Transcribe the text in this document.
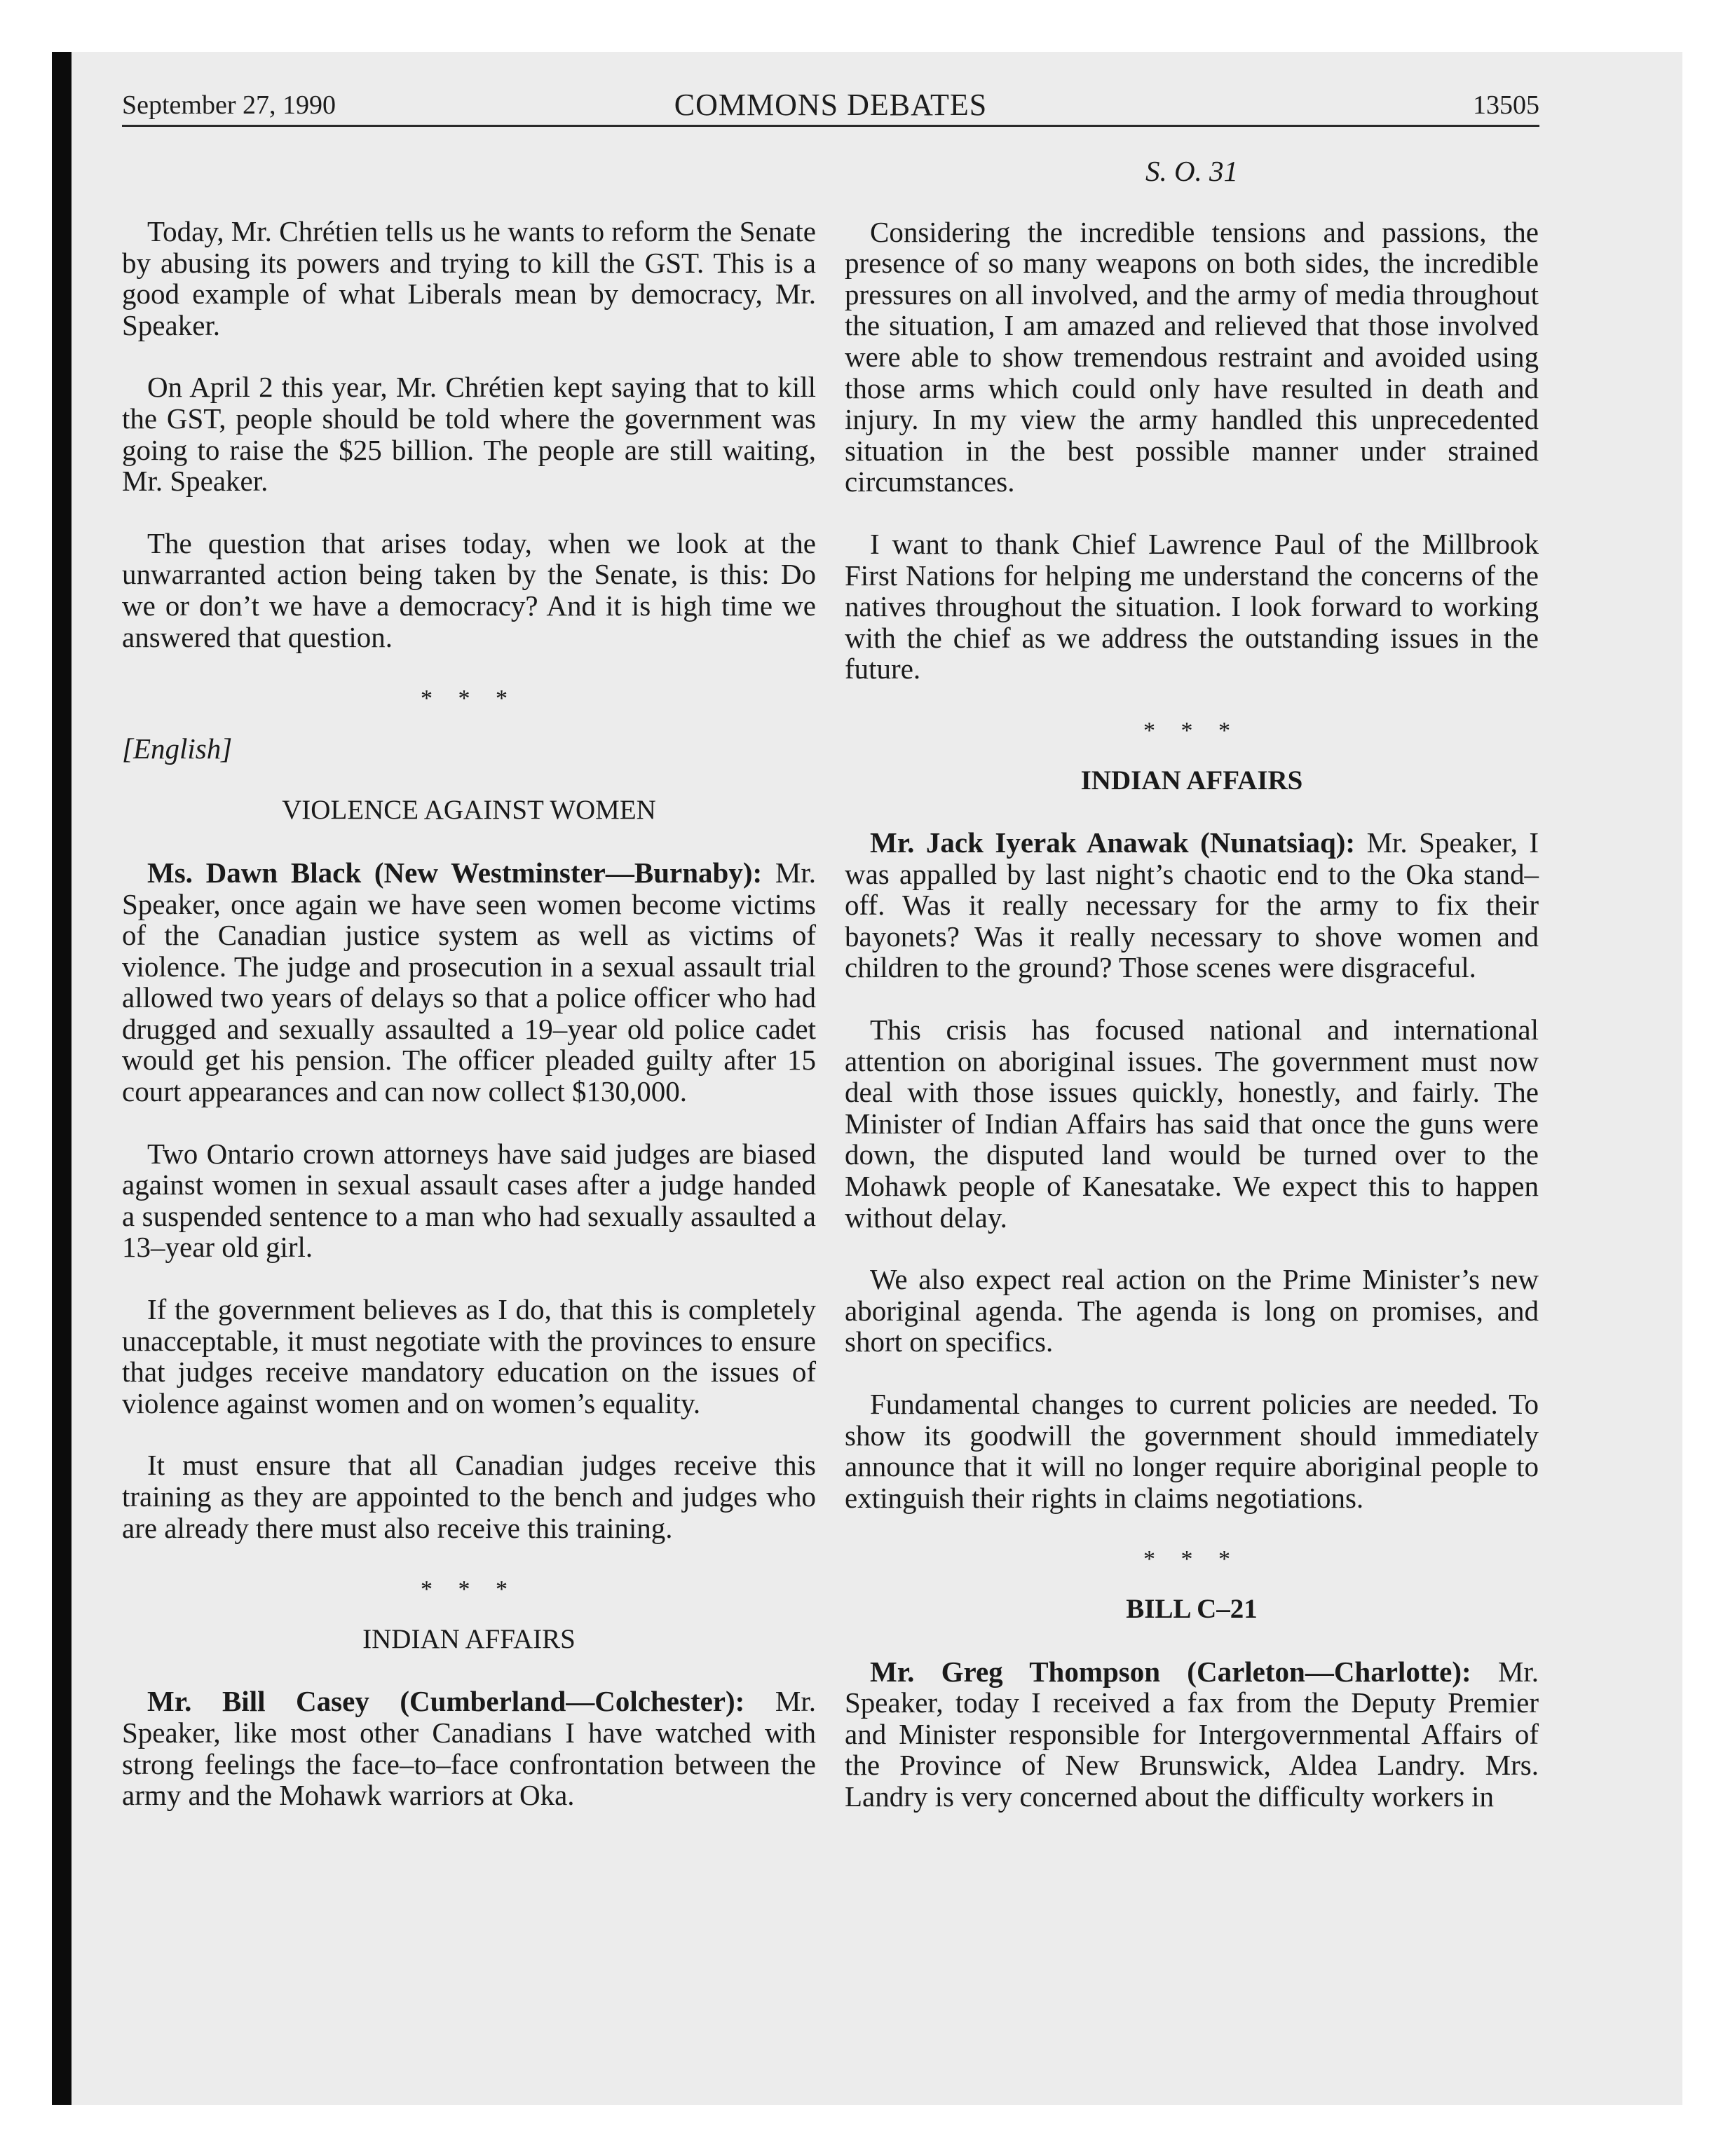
September 27, 1990	COMMONS DEBATES	13505

Today, Mr. Chrétien tells us he wants to reform the Senate by abusing its powers and trying to kill the GST. This is a good example of what Liberals mean by democracy, Mr. Speaker.

On April 2 this year, Mr. Chrétien kept saying that to kill the GST, people should be told where the government was going to raise the $25 billion. The people are still waiting, Mr. Speaker.

The question that arises today, when we look at the unwarranted action being taken by the Senate, is this: Do we or don’t we have a democracy? And it is high time we answered that question.

* * *
[English]
VIOLENCE AGAINST WOMEN

Ms. Dawn Black (New Westminster—Burnaby): Mr. Speaker, once again we have seen women become victims of the Canadian justice system as well as victims of violence. The judge and prosecution in a sexual assault trial allowed two years of delays so that a police officer who had drugged and sexually assaulted a 19–year old police cadet would get his pension. The officer pleaded guilty after 15 court appearances and can now collect $130,000.

Two Ontario crown attorneys have said judges are biased against women in sexual assault cases after a judge handed a suspended sentence to a man who had sexually assaulted a 13–year old girl.

If the government believes as I do, that this is completely unacceptable, it must negotiate with the provinces to ensure that judges receive mandatory education on the issues of violence against women and on women’s equality.

It must ensure that all Canadian judges receive this training as they are appointed to the bench and judges who are already there must also receive this training.

* * *
INDIAN AFFAIRS

Mr. Bill Casey (Cumberland—Colchester): Mr. Speaker, like most other Canadians I have watched with strong feelings the face–to–face confrontation between the army and the Mohawk warriors at Oka.

S. O. 31

Considering the incredible tensions and passions, the presence of so many weapons on both sides, the incredible pressures on all involved, and the army of media throughout the situation, I am amazed and relieved that those involved were able to show tremendous restraint and avoided using those arms which could only have resulted in death and injury. In my view the army handled this unprecedented situation in the best possible manner under strained circumstances.

I want to thank Chief Lawrence Paul of the Millbrook First Nations for helping me understand the concerns of the natives throughout the situation. I look forward to working with the chief as we address the outstanding issues in the future.

* * *
INDIAN AFFAIRS

Mr. Jack Iyerak Anawak (Nunatsiaq): Mr. Speaker, I was appalled by last night’s chaotic end to the Oka stand–off. Was it really necessary for the army to fix their bayonets? Was it really necessary to shove women and children to the ground? Those scenes were disgraceful.

This crisis has focused national and international attention on aboriginal issues. The government must now deal with those issues quickly, honestly, and fairly. The Minister of Indian Affairs has said that once the guns were down, the disputed land would be turned over to the Mohawk people of Kanesatake. We expect this to happen without delay.

We also expect real action on the Prime Minister’s new aboriginal agenda. The agenda is long on promises, and short on specifics.

Fundamental changes to current policies are needed. To show its goodwill the government should immediately announce that it will no longer require aboriginal people to extinguish their rights in claims negotiations.

* * *
BILL C–21

Mr. Greg Thompson (Carleton—Charlotte): Mr. Speaker, today I received a fax from the Deputy Premier and Minister responsible for Intergovernmental Affairs of the Province of New Brunswick, Aldea Landry. Mrs. Landry is very concerned about the difficulty workers in
